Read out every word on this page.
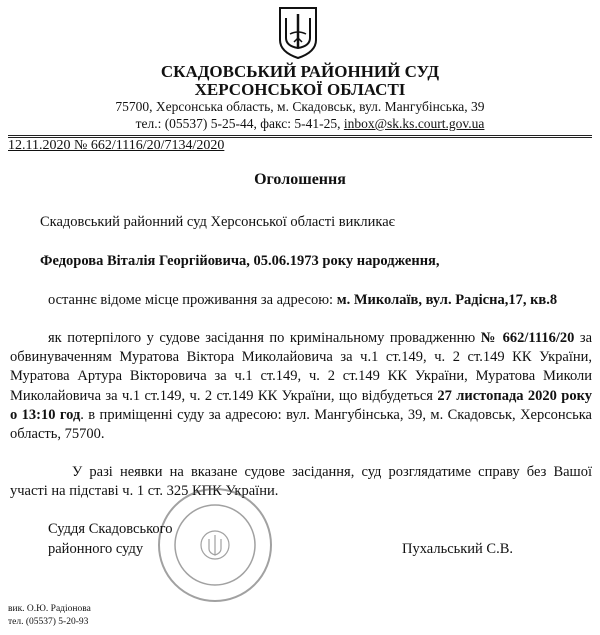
СКАДОВСЬКИЙ РАЙОННИЙ СУД
ХЕРСОНСЬКОЇ ОБЛАСТІ
75700, Херсонська область, м. Скадовськ, вул. Мангубінська, 39
тел.: (05537) 5-25-44, факс: 5-41-25, inbox@sk.ks.court.gov.ua
12.11.2020 № 662/1116/20/7134/2020
Оголошення
Скадовський районний суд Херсонської області викликає
Федорова Віталія Георгійовича, 05.06.1973 року народження,
останнє відоме місце проживання за адресою: м. Миколаїв, вул. Радісна,17, кв.8
як потерпілого у судове засідання по кримінальному провадженню № 662/1116/20 за обвинуваченням Муратова Віктора Миколайовича за ч.1 ст.149, ч. 2 ст.149 КК України, Муратова Артура Вікторовича за ч.1 ст.149, ч. 2 ст.149 КК України, Муратова Миколи Миколайовича за ч.1 ст.149, ч. 2 ст.149 КК України, що відбудеться 27 листопада 2020 року о 13:10 год. в приміщенні суду за адресою: вул. Мангубінська, 39, м. Скадовськ, Херсонська область, 75700.
У разі неявки на вказане судове засідання, суд розглядатиме справу без Вашої участі на підставі ч. 1 ст. 325 КПК України.
Суддя Скадовського
районного суду	Пухальський С.В.
вик. О.Ю. Радіонова
тел. (05537) 5-20-93
